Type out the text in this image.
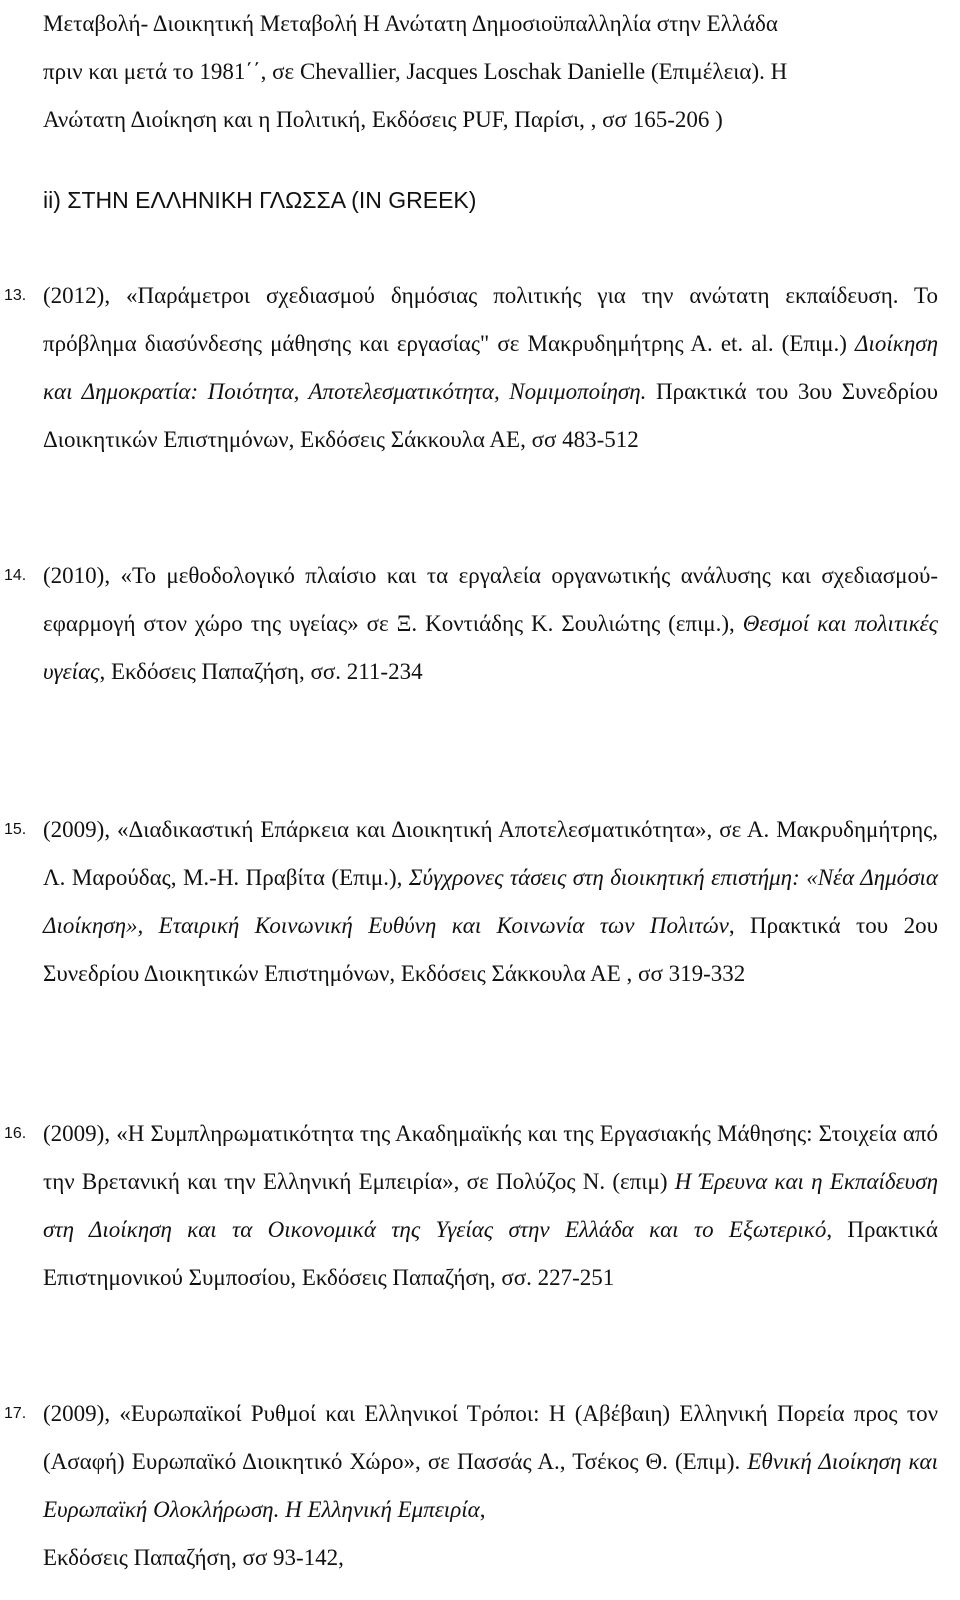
Μεταβολή- Διοικητική Μεταβολή Η Ανώτατη Δημοσιοϋπαλληλία στην Ελλάδα
πριν και μετά το 1981΄΄, σε Chevallier, Jacques Loschak Danielle (Επιμέλεια). Η
Ανώτατη Διοίκηση και η Πολιτική, Εκδόσεις PUF, Παρίσι, , σσ 165-206 )
ii) ΣΤΗΝ ΕΛΛΗΝΙΚΗ ΓΛΩΣΣΑ (IN GREEK)
13. (2012), «Παράμετροι σχεδιασμού δημόσιας πολιτικής για την ανώτατη εκπαίδευση. Το πρόβλημα διασύνδεσης μάθησης και εργασίας" σε Μακρυδημήτρης Α. et. al. (Επιμ.) Διοίκηση και Δημοκρατία: Ποιότητα, Αποτελεσματικότητα, Νομιμοποίηση. Πρακτικά του 3ου Συνεδρίου Διοικητικών Επιστημόνων, Εκδόσεις Σάκκουλα ΑΕ, σσ 483-512
14. (2010), «Το μεθοδολογικό πλαίσιο και τα εργαλεία οργανωτικής ανάλυσης και σχεδιασμού- εφαρμογή στον χώρο της υγείας» σε Ξ. Κοντιάδης Κ. Σουλιώτης (επιμ.), Θεσμοί και πολιτικές υγείας, Εκδόσεις Παπαζήση, σσ. 211-234
15. (2009), «Διαδικαστική Επάρκεια και Διοικητική Αποτελεσματικότητα», σε Α. Μακρυδημήτρης, Λ. Μαρούδας, Μ.-Η. Πραβίτα (Επιμ.), Σύγχρονες τάσεις στη διοικητική επιστήμη: «Νέα Δημόσια Διοίκηση», Εταιρική Κοινωνική Ευθύνη και Κοινωνία των Πολιτών, Πρακτικά του 2ου Συνεδρίου Διοικητικών Επιστημόνων, Εκδόσεις Σάκκουλα ΑΕ , σσ 319-332
16. (2009), «Η Συμπληρωματικότητα της Ακαδημαϊκής και της Εργασιακής Μάθησης: Στοιχεία από την Βρετανική και την Ελληνική Εμπειρία», σε Πολύζος Ν. (επιμ) Η Έρευνα και η Εκπαίδευση στη Διοίκηση και τα Οικονομικά της Υγείας στην Ελλάδα και το Εξωτερικό, Πρακτικά Επιστημονικού Συμποσίου, Εκδόσεις Παπαζήση, σσ. 227-251
17. (2009), «Ευρωπαϊκοί Ρυθμοί και Ελληνικοί Τρόποι: Η (Αβέβαιη) Ελληνική Πορεία προς τον (Ασαφή) Ευρωπαϊκό Διοικητικό Χώρο», σε Πασσάς Α., Τσέκος Θ. (Επιμ). Εθνική Διοίκηση και Ευρωπαϊκή Ολοκλήρωση. Η Ελληνική Εμπειρία,
Εκδόσεις Παπαζήση, σσ 93-142,
